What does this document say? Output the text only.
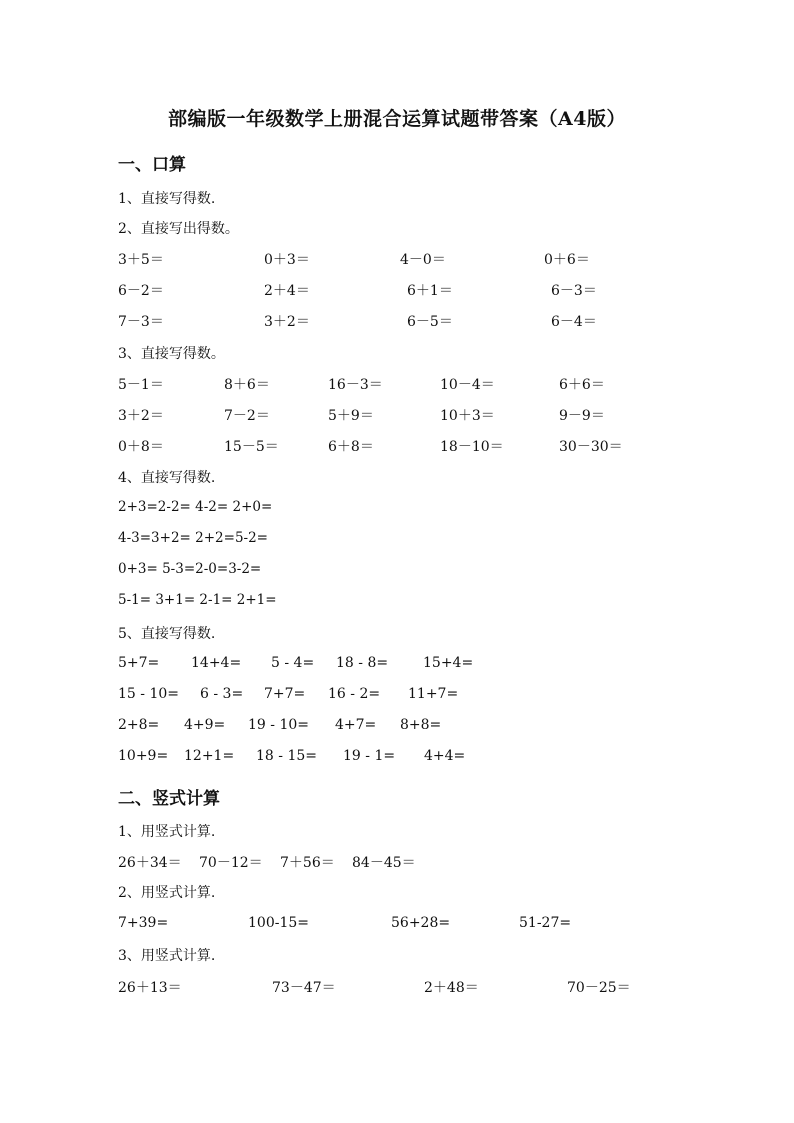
部编版一年级数学上册混合运算试题带答案（A4版）
一、口算
1、直接写得数.
2、直接写出得数。
3＋5＝	0＋3＝	4－0＝	0＋6＝
6－2＝	2＋4＝	6＋1＝	6－3＝
7－3＝	3＋2＝	6－5＝	6－4＝
3、直接写得数。
5－1＝	8＋6＝	16－3＝	10－4＝	6＋6＝
3＋2＝	7－2＝	5＋9＝	10＋3＝	9－9＝
0＋8＝	15－5＝	6＋8＝	18－10＝	30－30＝
4、直接写得数.
2+3=2-2= 4-2= 2+0=
4-3=3+2= 2+2=5-2=
0+3= 5-3=2-0=3-2=
5-1= 3+1= 2-1= 2+1=
5、直接写得数.
5+7= 14+4= 5 - 4= 18 - 8= 15+4=
15 - 10= 6 - 3= 7+7= 16 - 2= 11+7=
2+8= 4+9= 19 - 10= 4+7= 8+8=
10+9= 12+1= 18 - 15= 19 - 1= 4+4=
二、竖式计算
1、用竖式计算.
26＋34＝ 70－12＝ 7＋56＝ 84－45＝
2、用竖式计算.
7+39=	100-15=	56+28=	51-27=
3、用竖式计算.
26＋13＝	73－47＝	2＋48＝	70－25＝
